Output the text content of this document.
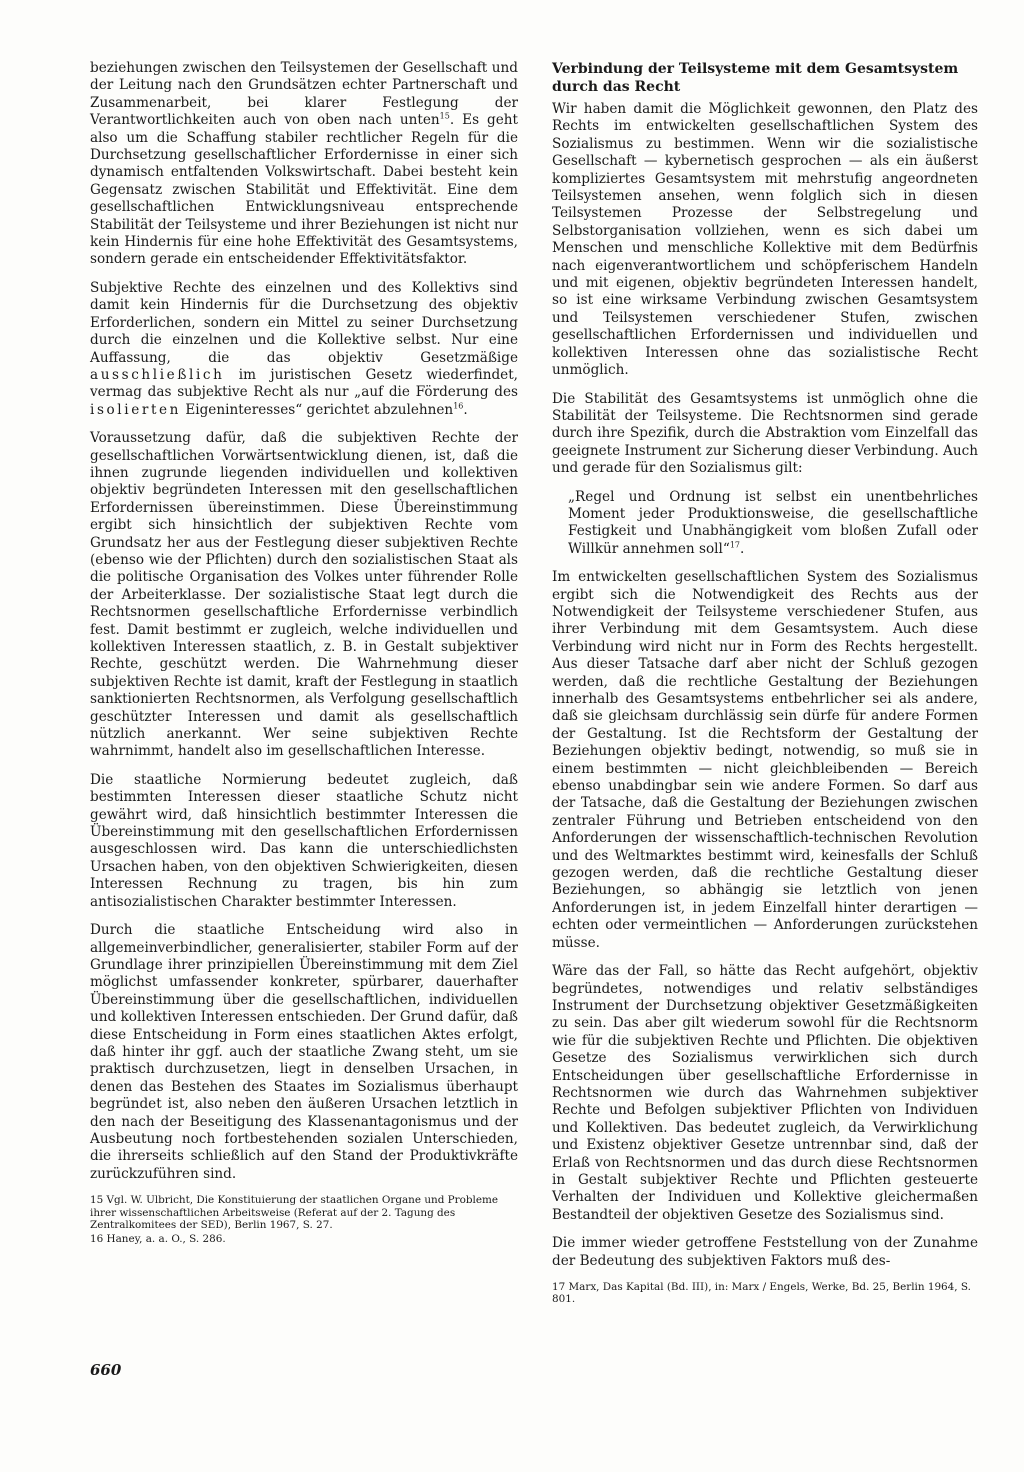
beziehungen zwischen den Teilsystemen der Gesellschaft und der Leitung nach den Grundsätzen echter Partnerschaft und Zusammenarbeit, bei klarer Festlegung der Verantwortlichkeiten auch von oben nach unten$^{15}$. Es geht also um die Schaffung stabiler rechtlicher Regeln für die Durchsetzung gesellschaftlicher Erfordernisse in einer sich dynamisch entfaltenden Volkswirtschaft. Dabei besteht kein Gegensatz zwischen Stabilität und Effektivität. Eine dem gesellschaftlichen Entwicklungsniveau entsprechende Stabilität der Teilsysteme und ihrer Beziehungen ist nicht nur kein Hindernis für eine hohe Effektivität des Gesamtsystems, sondern gerade ein entscheidender Effektivitätsfaktor.

Subjektive Rechte des einzelnen und des Kollektivs sind damit kein Hindernis für die Durchsetzung des objektiv Erforderlichen, sondern ein Mittel zu seiner Durchsetzung durch die einzelnen und die Kollektive selbst. Nur eine Auffassung, die das objektiv Gesetzmäßige ausschließlich im juristischen Gesetz wiederfindet, vermag das subjektive Recht als nur „auf die Förderung des isolierten Eigeninteresses“ gerichtet abzulehnen$^{16}$.

Voraussetzung dafür, daß die subjektiven Rechte der gesellschaftlichen Vorwärtsentwicklung dienen, ist, daß die ihnen zugrunde liegenden individuellen und kollektiven objektiv begründeten Interessen mit den gesellschaftlichen Erfordernissen übereinstimmen. Diese Übereinstimmung ergibt sich hinsichtlich der subjektiven Rechte vom Grundsatz her aus der Festlegung dieser subjektiven Rechte (ebenso wie der Pflichten) durch den sozialistischen Staat als die politische Organisation des Volkes unter führender Rolle der Arbeiterklasse. Der sozialistische Staat legt durch die Rechtsnormen gesellschaftliche Erfordernisse verbindlich fest. Damit bestimmt er zugleich, welche individuellen und kollektiven Interessen staatlich, z. B. in Gestalt subjektiver Rechte, geschützt werden. Die Wahrnehmung dieser subjektiven Rechte ist damit, kraft der Festlegung in staatlich sanktionierten Rechtsnormen, als Verfolgung gesellschaftlich geschützter Interessen und damit als gesellschaftlich nützlich anerkannt. Wer seine subjektiven Rechte wahrnimmt, handelt also im gesellschaftlichen Interesse.

Die staatliche Normierung bedeutet zugleich, daß bestimmten Interessen dieser staatliche Schutz nicht gewährt wird, daß hinsichtlich bestimmter Interessen die Übereinstimmung mit den gesellschaftlichen Erfordernissen ausgeschlossen wird. Das kann die unterschiedlichsten Ursachen haben, von den objektiven Schwierigkeiten, diesen Interessen Rechnung zu tragen, bis hin zum antisozialistischen Charakter bestimmter Interessen.

Durch die staatliche Entscheidung wird also in allgemeinverbindlicher, generalisierter, stabiler Form auf der Grundlage ihrer prinzipiellen Übereinstimmung mit dem Ziel möglichst umfassender konkreter, spürbarer, dauerhafter Übereinstimmung über die gesellschaftlichen, individuellen und kollektiven Interessen entschieden. Der Grund dafür, daß diese Entscheidung in Form eines staatlichen Aktes erfolgt, daß hinter ihr ggf. auch der staatliche Zwang steht, um sie praktisch durchzusetzen, liegt in denselben Ursachen, in denen das Bestehen des Staates im Sozialismus überhaupt begründet ist, also neben den äußeren Ursachen letztlich in den nach der Beseitigung des Klassenantagonismus und der Ausbeutung noch fortbestehenden sozialen Unterschieden, die ihrerseits schließlich auf den Stand der Produktivkräfte zurückzuführen sind.

15 Vgl. W. Ulbricht, Die Konstituierung der staatlichen Organe und Probleme ihrer wissenschaftlichen Arbeitsweise (Referat auf der 2. Tagung des Zentralkomitees der SED), Berlin 1967, S. 27.
16 Haney, a. a. O., S. 286.
Verbindung der Teilsysteme mit dem Gesamtsystem durch das Recht

Wir haben damit die Möglichkeit gewonnen, den Platz des Rechts im entwickelten gesellschaftlichen System des Sozialismus zu bestimmen. Wenn wir die sozialistische Gesellschaft — kybernetisch gesprochen — als ein äußerst kompliziertes Gesamtsystem mit mehrstufig angeordneten Teilsystemen ansehen, wenn folglich sich in diesen Teilsystemen Prozesse der Selbstregelung und Selbstorganisation vollziehen, wenn es sich dabei um Menschen und menschliche Kollektive mit dem Bedürfnis nach eigenverantwortlichem und schöpferischem Handeln und mit eigenen, objektiv begründeten Interessen handelt, so ist eine wirksame Verbindung zwischen Gesamtsystem und Teilsystemen verschiedener Stufen, zwischen gesellschaftlichen Erfordernissen und individuellen und kollektiven Interessen ohne das sozialistische Recht unmöglich.

Die Stabilität des Gesamtsystems ist unmöglich ohne die Stabilität der Teilsysteme. Die Rechtsnormen sind gerade durch ihre Spezifik, durch die Abstraktion vom Einzelfall das geeignete Instrument zur Sicherung dieser Verbindung. Auch und gerade für den Sozialismus gilt:

„Regel und Ordnung ist selbst ein unentbehrliches Moment jeder Produktionsweise, die gesellschaftliche Festigkeit und Unabhängigkeit vom bloßen Zufall oder Willkür annehmen soll“$^{17}$.

Im entwickelten gesellschaftlichen System des Sozialismus ergibt sich die Notwendigkeit des Rechts aus der Notwendigkeit der Teilsysteme verschiedener Stufen, aus ihrer Verbindung mit dem Gesamtsystem. Auch diese Verbindung wird nicht nur in Form des Rechts hergestellt. Aus dieser Tatsache darf aber nicht der Schluß gezogen werden, daß die rechtliche Gestaltung der Beziehungen innerhalb des Gesamtsystems entbehrlicher sei als andere, daß sie gleichsam durchlässig sein dürfe für andere Formen der Gestaltung. Ist die Rechtsform der Gestaltung der Beziehungen objektiv bedingt, notwendig, so muß sie in einem bestimmten — nicht gleichbleibenden — Bereich ebenso unabdingbar sein wie andere Formen. So darf aus der Tatsache, daß die Gestaltung der Beziehungen zwischen zentraler Führung und Betrieben entscheidend von den Anforderungen der wissenschaftlich-technischen Revolution und des Weltmarktes bestimmt wird, keinesfalls der Schluß gezogen werden, daß die rechtliche Gestaltung dieser Beziehungen, so abhängig sie letztlich von jenen Anforderungen ist, in jedem Einzelfall hinter derartigen — echten oder vermeintlichen — Anforderungen zurückstehen müsse.

Wäre das der Fall, so hätte das Recht aufgehört, objektiv begründetes, notwendiges und relativ selbständiges Instrument der Durchsetzung objektiver Gesetzmäßigkeiten zu sein. Das aber gilt wiederum sowohl für die Rechtsnorm wie für die subjektiven Rechte und Pflichten. Die objektiven Gesetze des Sozialismus verwirklichen sich durch Entscheidungen über gesellschaftliche Erfordernisse in Rechtsnormen wie durch das Wahrnehmen subjektiver Rechte und Befolgen subjektiver Pflichten von Individuen und Kollektiven. Das bedeutet zugleich, da Verwirklichung und Existenz objektiver Gesetze untrennbar sind, daß der Erlaß von Rechtsnormen und das durch diese Rechtsnormen in Gestalt subjektiver Rechte und Pflichten gesteuerte Verhalten der Individuen und Kollektive gleichermaßen Bestandteil der objektiven Gesetze des Sozialismus sind.

Die immer wieder getroffene Feststellung von der Zunahme der Bedeutung des subjektiven Faktors muß des-

17 Marx, Das Kapital (Bd. III), in: Marx / Engels, Werke, Bd. 25, Berlin 1964, S. 801.
660
